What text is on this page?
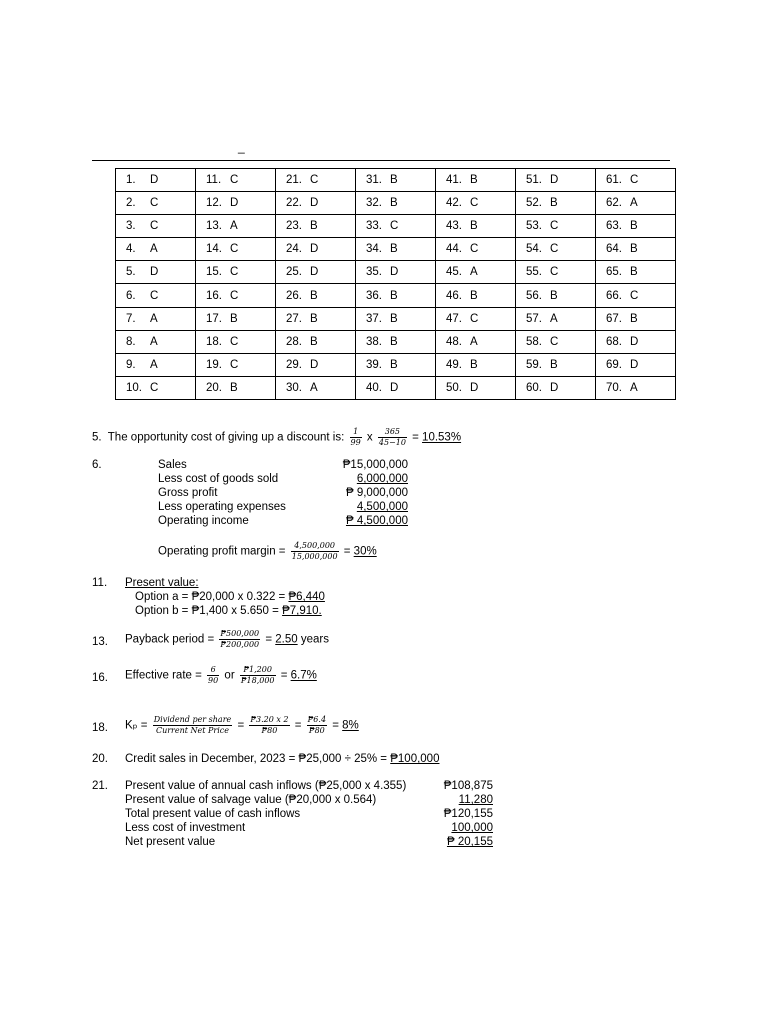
_
1. D	11. C	21. C	31. B	41. B	51. D	61. C
2. C	12. D	22. D	32. B	42. C	52. B	62. A
3. C	13. A	23. B	33. C	43. B	53. C	63. B
4. A	14. C	24. D	34. B	44. C	54. C	64. B
5. D	15. C	25. D	35. D	45. A	55. C	65. B
6. C	16. C	26. B	36. B	46. B	56. B	66. C
7. A	17. B	27. B	37. B	47. C	57. A	67. B
8. A	18. C	28. B	38. B	48. A	58. C	68. D
9. A	19. C	29. D	39. B	49. B	59. B	69. D
10. C	20. B	30. A	40. D	50. D	60. D	70. A
5. The opportunity cost of giving up a discount is: $\frac{1}{99}$ x $\frac{365}{45-10} = 10.53\%$
6.	Sales	₱15,000,000
Less cost of goods sold	6,000,000
Gross profit	₱ 9,000,000
Less operating expenses	4,500,000
Operating income	₱ 4,500,000
Operating profit margin = $\frac{4,500,000}{15,000,000} = 30\%$
11. Present value:
Option a = ₱20,000 x 0.322 = ₱6,440
Option b = ₱1,400 x 5.650 = ₱7,910.
13. Payback period = $\frac{₱500,000}{₱200,000} = 2.50$ years
16. Effective rate = $\frac{6}{90}$ or $\frac{₱1,200}{₱18,000} = 6.7\%$
18. $K_p = \frac{\text{Dividend per share}}{\text{Current Net Price}} = \frac{₱3.20 x 2}{₱80} = \frac{₱6.4}{₱80} = 8\%$
20. Credit sales in December, 2023 = ₱25,000 ÷ 25% = ₱100,000
21. Present value of annual cash inflows (₱25,000 x 4.355)	₱108,875
Present value of salvage value (₱20,000 x 0.564)	11,280
Total present value of cash inflows	₱120,155
Less cost of investment	100,000
Net present value	₱ 20,155
